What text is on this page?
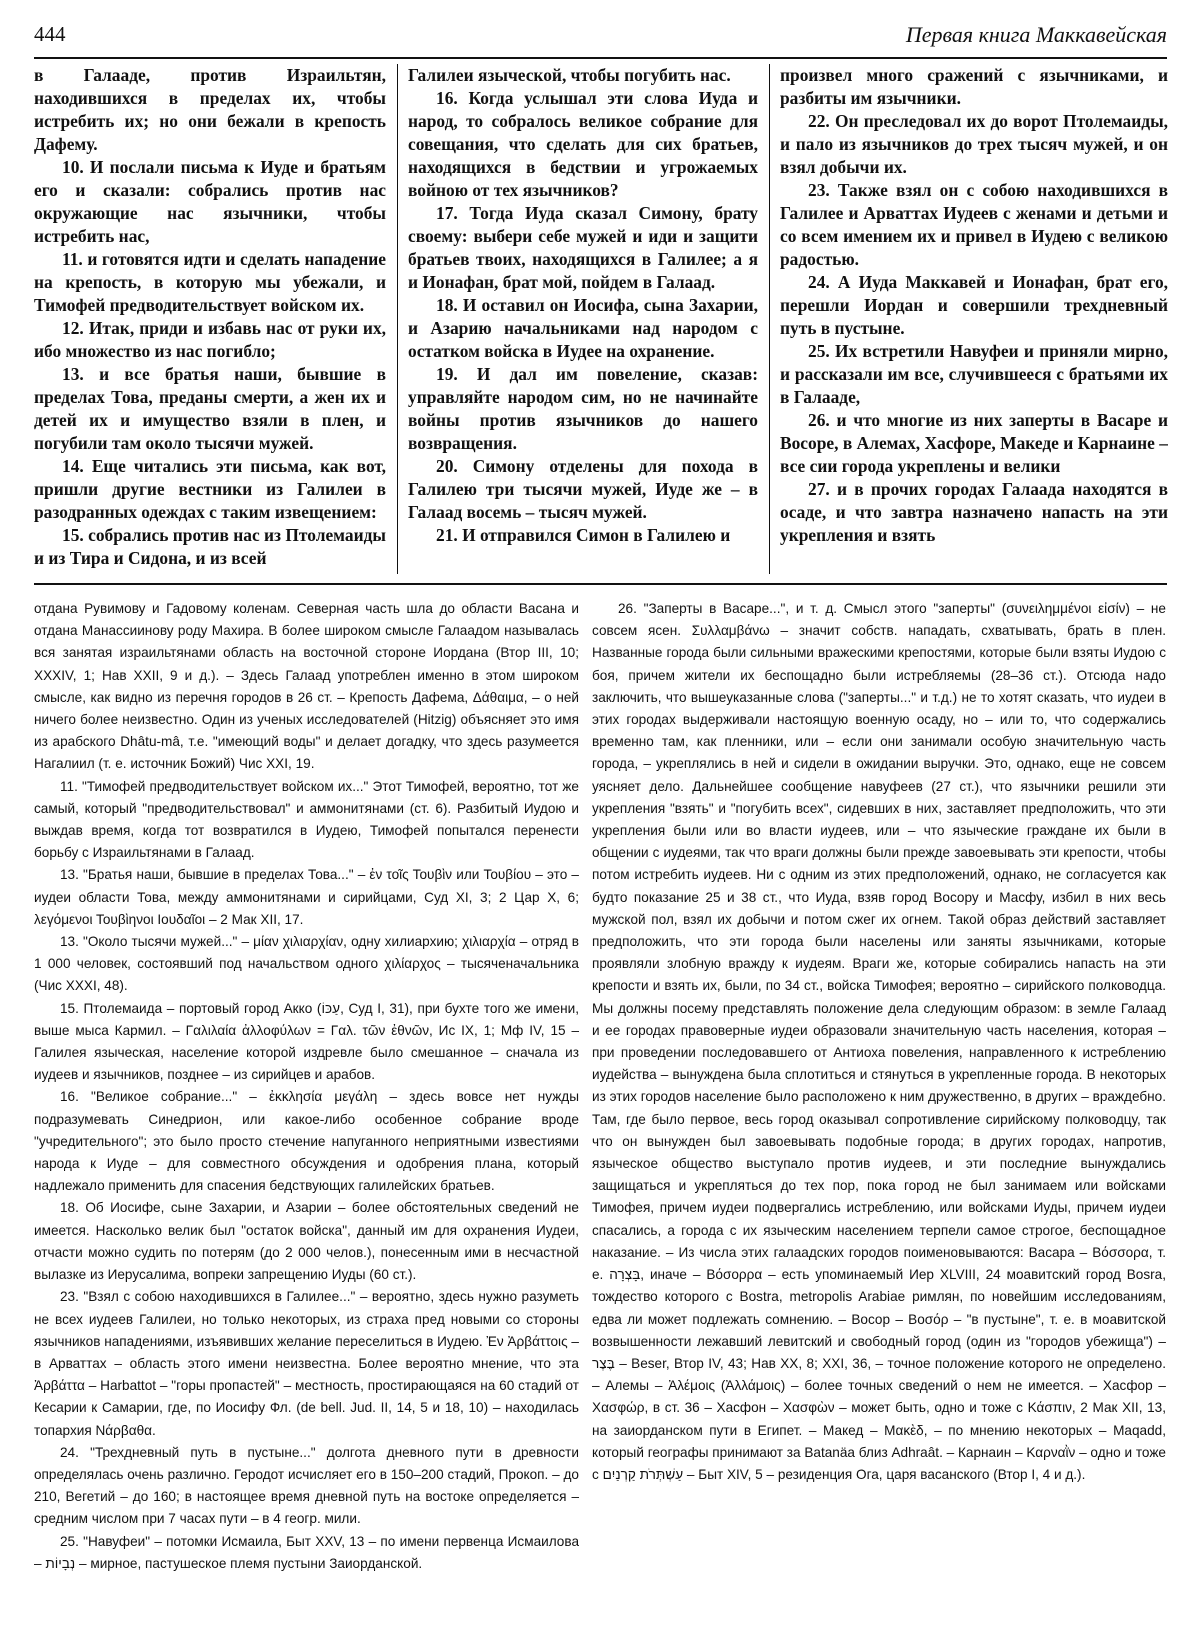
444	Первая книга Маккавейская

в Галааде, против Израильтян, находившихся в пределах их, чтобы истребить их; но они бежали в крепость Дафему.

10. И послали письма к Иуде и братьям его и сказали: собрались против нас окружающие нас язычники, чтобы истребить нас,

11. и готовятся идти и сделать нападение на крепость, в которую мы убежали, и Тимофей предводительствует войском их.

12. Итак, приди и избавь нас от руки их, ибо множество из нас погибло;

13. и все братья наши, бывшие в пределах Това, преданы смерти, а жен их и детей их и имущество взяли в плен, и погубили там около тысячи мужей.

14. Еще читались эти письма, как вот, пришли другие вестники из Галилеи в разодранных одеждах с таким извещением:

15. собрались против нас из Птолемаиды и из Тира и Сидона, и из всей

Галилеи языческой, чтобы погубить нас.

16. Когда услышал эти слова Иуда и народ, то собралось великое собрание для совещания, что сделать для сих братьев, находящихся в бедствии и угрожаемых войною от тех язычников?

17. Тогда Иуда сказал Симону, брату своему: выбери себе мужей и иди и защити братьев твоих, находящихся в Галилее; а я и Ионафан, брат мой, пойдем в Галаад.

18. И оставил он Иосифа, сына Захарии, и Азарию начальниками над народом с остатком войска в Иудее на охранение.

19. И дал им повеление, сказав: управляйте народом сим, но не начинайте войны против язычников до нашего возвращения.

20. Симону отделены для похода в Галилею три тысячи мужей, Иуде же – в Галаад восемь – тысяч мужей.

21. И отправился Симон в Галилею и

произвел много сражений с язычниками, и разбиты им язычники.

22. Он преследовал их до ворот Птолемаиды, и пало из язычников до трех тысяч мужей, и он взял добычи их.

23. Также взял он с собою находившихся в Галилее и Арваттах Иудеев с женами и детьми и со всем имением их и привел в Иудею с великою радостью.

24. А Иуда Маккавей и Ионафан, брат его, перешли Иордан и совершили трехдневный путь в пустыне.

25. Их встретили Навуфеи и приняли мирно, и рассказали им все, случившееся с братьями их в Галааде,

26. и что многие из них заперты в Васаре и Восоре, в Алемах, Хасфоре, Македе и Карнаине – все сии города укреплены и велики

27. и в прочих городах Галаада находятся в осаде, и что завтра назначено напасть на эти укрепления и взять

отдана Рувимову и Гадовому коленам. Северная часть шла до области Васана и отдана Манассиинову роду Махира. В более широком смысле Галаадом называлась вся занятая израильтянами область на восточной стороне Иордана (Втор III, 10; XXXIV, 1; Нав XXII, 9 и д.). – Здесь Галаад употреблен именно в этом широком смысле, как видно из перечня городов в 26 ст. – Крепость Дафема, Δάθαιμα, – о ней ничего более неизвестно. Один из ученых исследователей (Hitzig) объясняет это имя из арабского Dhâtu-mâ, т.е. "имеющий воды" и делает догадку, что здесь разумеется Нагалиил (т. е. источник Божий) Чис XXI, 19.

11. "Тимофей предводительствует войском их..." Этот Тимофей, вероятно, тот же самый, который "предводительствовал" и аммонитянами (ст. 6). Разбитый Иудою и выждав время, когда тот возвратился в Иудею, Тимофей попытался перенести борьбу с Израильтянами в Галаад.

13. "Братья наши, бывшие в пределах Това..." – ἐν τοῖς Τουβὶν или Τουβίου – это – иудеи области Това, между аммонитянами и сирийцами, Суд XI, 3; 2 Цар X, 6; λεγόμενοι Τουβὶηνοι Ιουδαῖοι – 2 Мак XII, 17.

13. "Около тысячи мужей..." – μίαν χιλιαρχίαν, одну хилиархию; χιλιαρχία – отряд в 1 000 человек, состоявший под начальством одного χιλίαρχος – тысяченачальника (Чис XXXI, 48).

15. Птолемаида – портовый город Акко (עַכּוֹ, Суд I, 31), при бухте того же имени, выше мыса Кармил. – Γαλιλαία ἀλλοφύλων = Γαλ. τῶν ἐθνῶν, Ис IX, 1; Мф IV, 15 – Галилея языческая, население которой издревле было смешанное – сначала из иудеев и язычников, позднее – из сирийцев и арабов.

16. "Великое собрание..." – ἐκκλησία μεγάλη – здесь вовсе нет нужды подразумевать Синедрион, или какое-либо особенное собрание вроде "учредительного"; это было просто стечение напуганного неприятными известиями народа к Иуде – для совместного обсуждения и одобрения плана, который надлежало применить для спасения бедствующих галилейских братьев.

18. Об Иосифе, сыне Захарии, и Азарии – более обстоятельных сведений не имеется. Насколько велик был "остаток войска", данный им для охранения Иудеи, отчасти можно судить по потерям (до 2 000 челов.), понесенным ими в несчастной вылазке из Иерусалима, вопреки запрещению Иуды (60 ст.).

23. "Взял с собою находившихся в Галилее..." – вероятно, здесь нужно разуметь не всех иудеев Галилеи, но только некоторых, из страха пред новыми со стороны язычников нападениями, изъявивших желание переселиться в Иудею. Ἐν Ἀρβάττοις – в Арваттах – область этого имени неизвестна. Более вероятно мнение, что эта Ἀρβάττα – Harbattot – "горы пропастей" – местность, простирающаяся на 60 стадий от Кесарии к Самарии, где, по Иосифу Фл. (de bell. Jud. II, 14, 5 и 18, 10) – находилась топархия Νάρβαθα.

24. "Трехдневный путь в пустыне..." долгота дневного пути в древности определялась очень различно. Геродот исчисляет его в 150–200 стадий, Прокоп. – до 210, Вегетий – до 160; в настоящее время дневной путь на востоке определяется – средним числом при 7 часах пути – в 4 геогр. мили.

25. "Навуфеи" – потомки Исмаила, Быт XXV, 13 – по имени первенца Исмаилова – נְבָיוֹת – мирное, пастушеское племя пустыни Заиорданской.

26. "Заперты в Васаре...", и т. д. Смысл этого "заперты" (συνειλημμένοι εἰσίν) – не совсем ясен. Συλλαμβάνω – значит собств. нападать, схватывать, брать в плен. Названные города были сильными вражескими крепостями, которые были взяты Иудою с боя, причем жители их беспощадно были истребляемы (28–36 ст.). Отсюда надо заключить, что вышеуказанные слова ("заперты..." и т.д.) не то хотят сказать, что иудеи в этих городах выдерживали настоящую военную осаду, но – или то, что содержались временно там, как пленники, или – если они занимали особую значительную часть города, – укреплялись в ней и сидели в ожидании выручки. Это, однако, еще не совсем уясняет дело. Дальнейшее сообщение навуфеев (27 ст.), что язычники решили эти укрепления "взять" и "погубить всех", сидевших в них, заставляет предположить, что эти укрепления были или во власти иудеев, или – что языческие граждане их были в общении с иудеями, так что враги должны были прежде завоевывать эти крепости, чтобы потом истребить иудеев. Ни с одним из этих предположений, однако, не согласуется как будто показание 25 и 38 ст., что Иуда, взяв город Восору и Масфу, избил в них весь мужской пол, взял их добычи и потом сжег их огнем. Такой образ действий заставляет предположить, что эти города были населены или заняты язычниками, которые проявляли злобную вражду к иудеям. Враги же, которые собирались напасть на эти крепости и взять их, были, по 34 ст., войска Тимофея; вероятно – сирийского полководца. Мы должны посему представлять положение дела следующим образом: в земле Галаад и ее городах правоверные иудеи образовали значительную часть населения, которая – при проведении последовавшего от Антиоха повеления, направленного к истреблению иудейства – вынуждена была сплотиться и стянуться в укрепленные города. В некоторых из этих городов население было расположено к ним дружественно, в других – враждебно. Там, где было первое, весь город оказывал сопротивление сирийскому полководцу, так что он вынужден был завоевывать подобные города; в других городах, напротив, языческое общество выступало против иудеев, и эти последние вынуждались защищаться и укрепляться до тех пор, пока город не был занимаем или войсками Тимофея, причем иудеи подвергались истреблению, или войсками Иуды, причем иудеи спасались, а города с их языческим населением терпели самое строгое, беспощадное наказание. – Из числа этих галаадских городов поименовываются: Васара – Βόσσορα, т. е. בָּצְרָה, иначе – Βόσορρα – есть упоминаемый Иер XLVIII, 24 моавитский город Bosra, тождество которого с Bostra, metropolis Arabiae римлян, по новейшим исследованиям, едва ли может подлежать сомнению. – Восор – Βοσόρ – "в пустыне", т. е. в моавитской возвышенности лежавший левитский и свободный город (один из "городов убежища") – בֶּצֶר – Beser, Втор IV, 43; Нав XX, 8; XXI, 36, – точное положение которого не определено. – Алемы – Ἀλέμοις (Ἀλλάμοις) – более точных сведений о нем не имеется. – Хасфор – Χασφώρ, в ст. 36 – Хасфон – Χασφὼν – может быть, одно и тоже с Κάσπιν, 2 Мак XII, 13, на заиорданском пути в Египет. – Макед – Μακὲδ, – по мнению некоторых – Maqadd, который географы принимают за Batanäa близ Adhraât. – Карнаин – Καρναῒν – одно и тоже с עַשְׁתְּרֹת קַרְנַיִם – Быт XIV, 5 – резиденция Ога, царя васанского (Втор I, 4 и д.).
